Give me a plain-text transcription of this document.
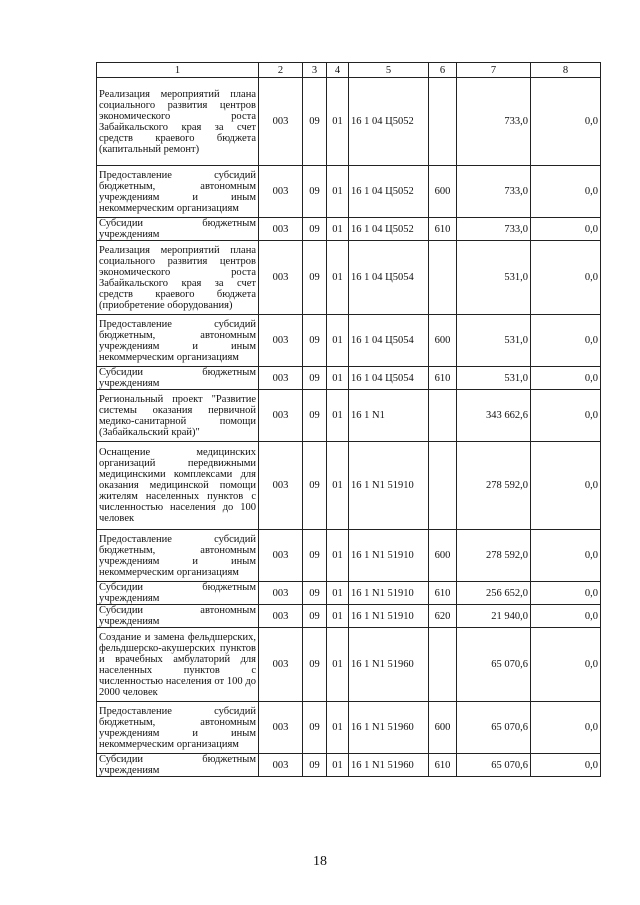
1	2	3	4	5	6	7	8
Реализация мероприятий плана социального развития центров экономического роста Забайкальского края за счет средств краевого бюджета (капитальный ремонт)	003	09	01	16 1 04 Ц5052		733,0	0,0
Предоставление субсидий бюджетным, автономным учреждениям и иным некоммерческим организациям	003	09	01	16 1 04 Ц5052	600	733,0	0,0
Субсидии бюджетным учреждениям	003	09	01	16 1 04 Ц5052	610	733,0	0,0
Реализация мероприятий плана социального развития центров экономического роста Забайкальского края за счет средств краевого бюджета (приобретение оборудования)	003	09	01	16 1 04 Ц5054		531,0	0,0
Предоставление субсидий бюджетным, автономным учреждениям и иным некоммерческим организациям	003	09	01	16 1 04 Ц5054	600	531,0	0,0
Субсидии бюджетным учреждениям	003	09	01	16 1 04 Ц5054	610	531,0	0,0
Региональный проект "Развитие системы оказания первичной медико-санитарной помощи (Забайкальский край)"	003	09	01	16 1 N1		343 662,6	0,0
Оснащение медицинских организаций передвижными медицинскими комплексами для оказания медицинской помощи жителям населенных пунктов с численностью населения до 100 человек	003	09	01	16 1 N1 51910		278 592,0	0,0
Предоставление субсидий бюджетным, автономным учреждениям и иным некоммерческим организациям	003	09	01	16 1 N1 51910	600	278 592,0	0,0
Субсидии бюджетным учреждениям	003	09	01	16 1 N1 51910	610	256 652,0	0,0
Субсидии автономным учреждениям	003	09	01	16 1 N1 51910	620	21 940,0	0,0
Создание и замена фельдшерских, фельдшерско-акушерских пунктов и врачебных амбулаторий для населенных пунктов с численностью населения от 100 до 2000 человек	003	09	01	16 1 N1 51960		65 070,6	0,0
Предоставление субсидий бюджетным, автономным учреждениям и иным некоммерческим организациям	003	09	01	16 1 N1 51960	600	65 070,6	0,0
Субсидии бюджетным учреждениям	003	09	01	16 1 N1 51960	610	65 070,6	0,0
18
